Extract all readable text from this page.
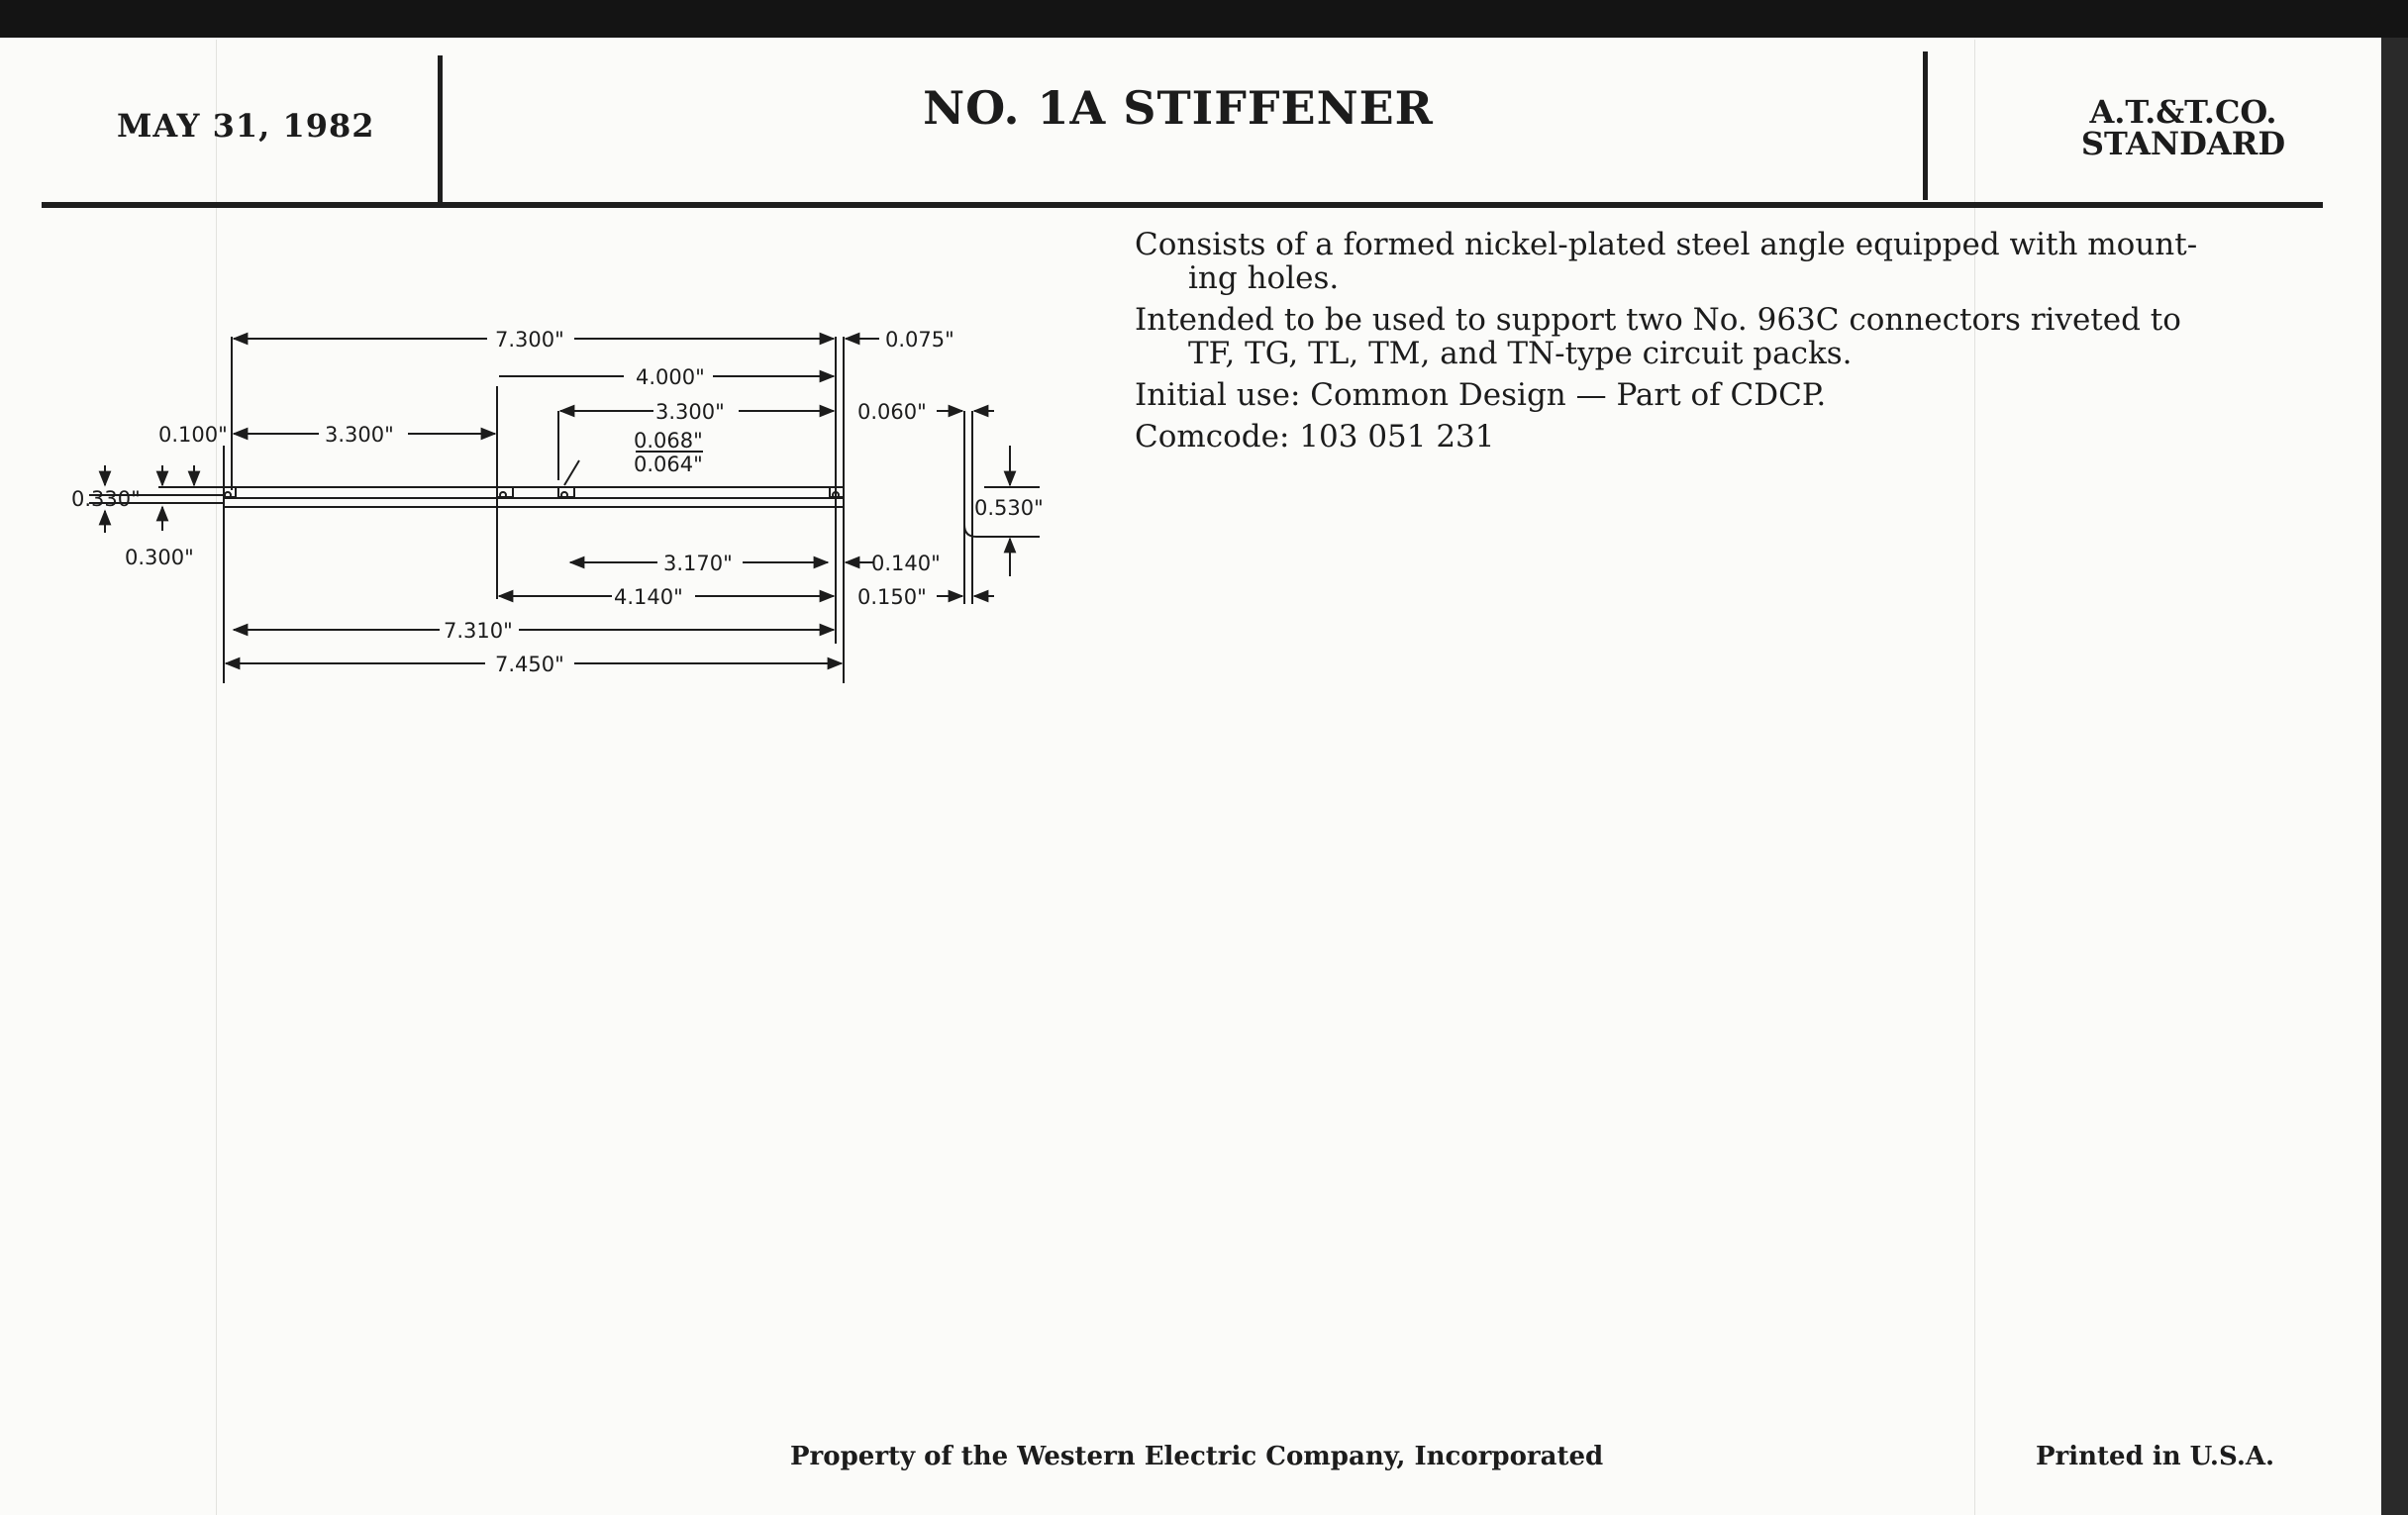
MAY 31, 1982	NO. 1A STIFFENER	A.T.&T.CO.
STANDARD
Consists of a formed nickel-plated steel angle equipped with mount-
ing holes.
Intended to be used to support two No. 963C connectors riveted to
TF, TG, TL, TM, and TN-type circuit packs.
Initial use: Common Design — Part of CDCP.
Comcode: 103 051 231
7.300"	0.075"
4.000"
3.300"
3.300"
0.100"
0.060"
0.068"
0.064"
0.330"
0.300"
0.530"
3.170"	0.140"
4.140"	0.150"
7.310"
7.450"
Property of the Western Electric Company, Incorporated	Printed in U.S.A.
